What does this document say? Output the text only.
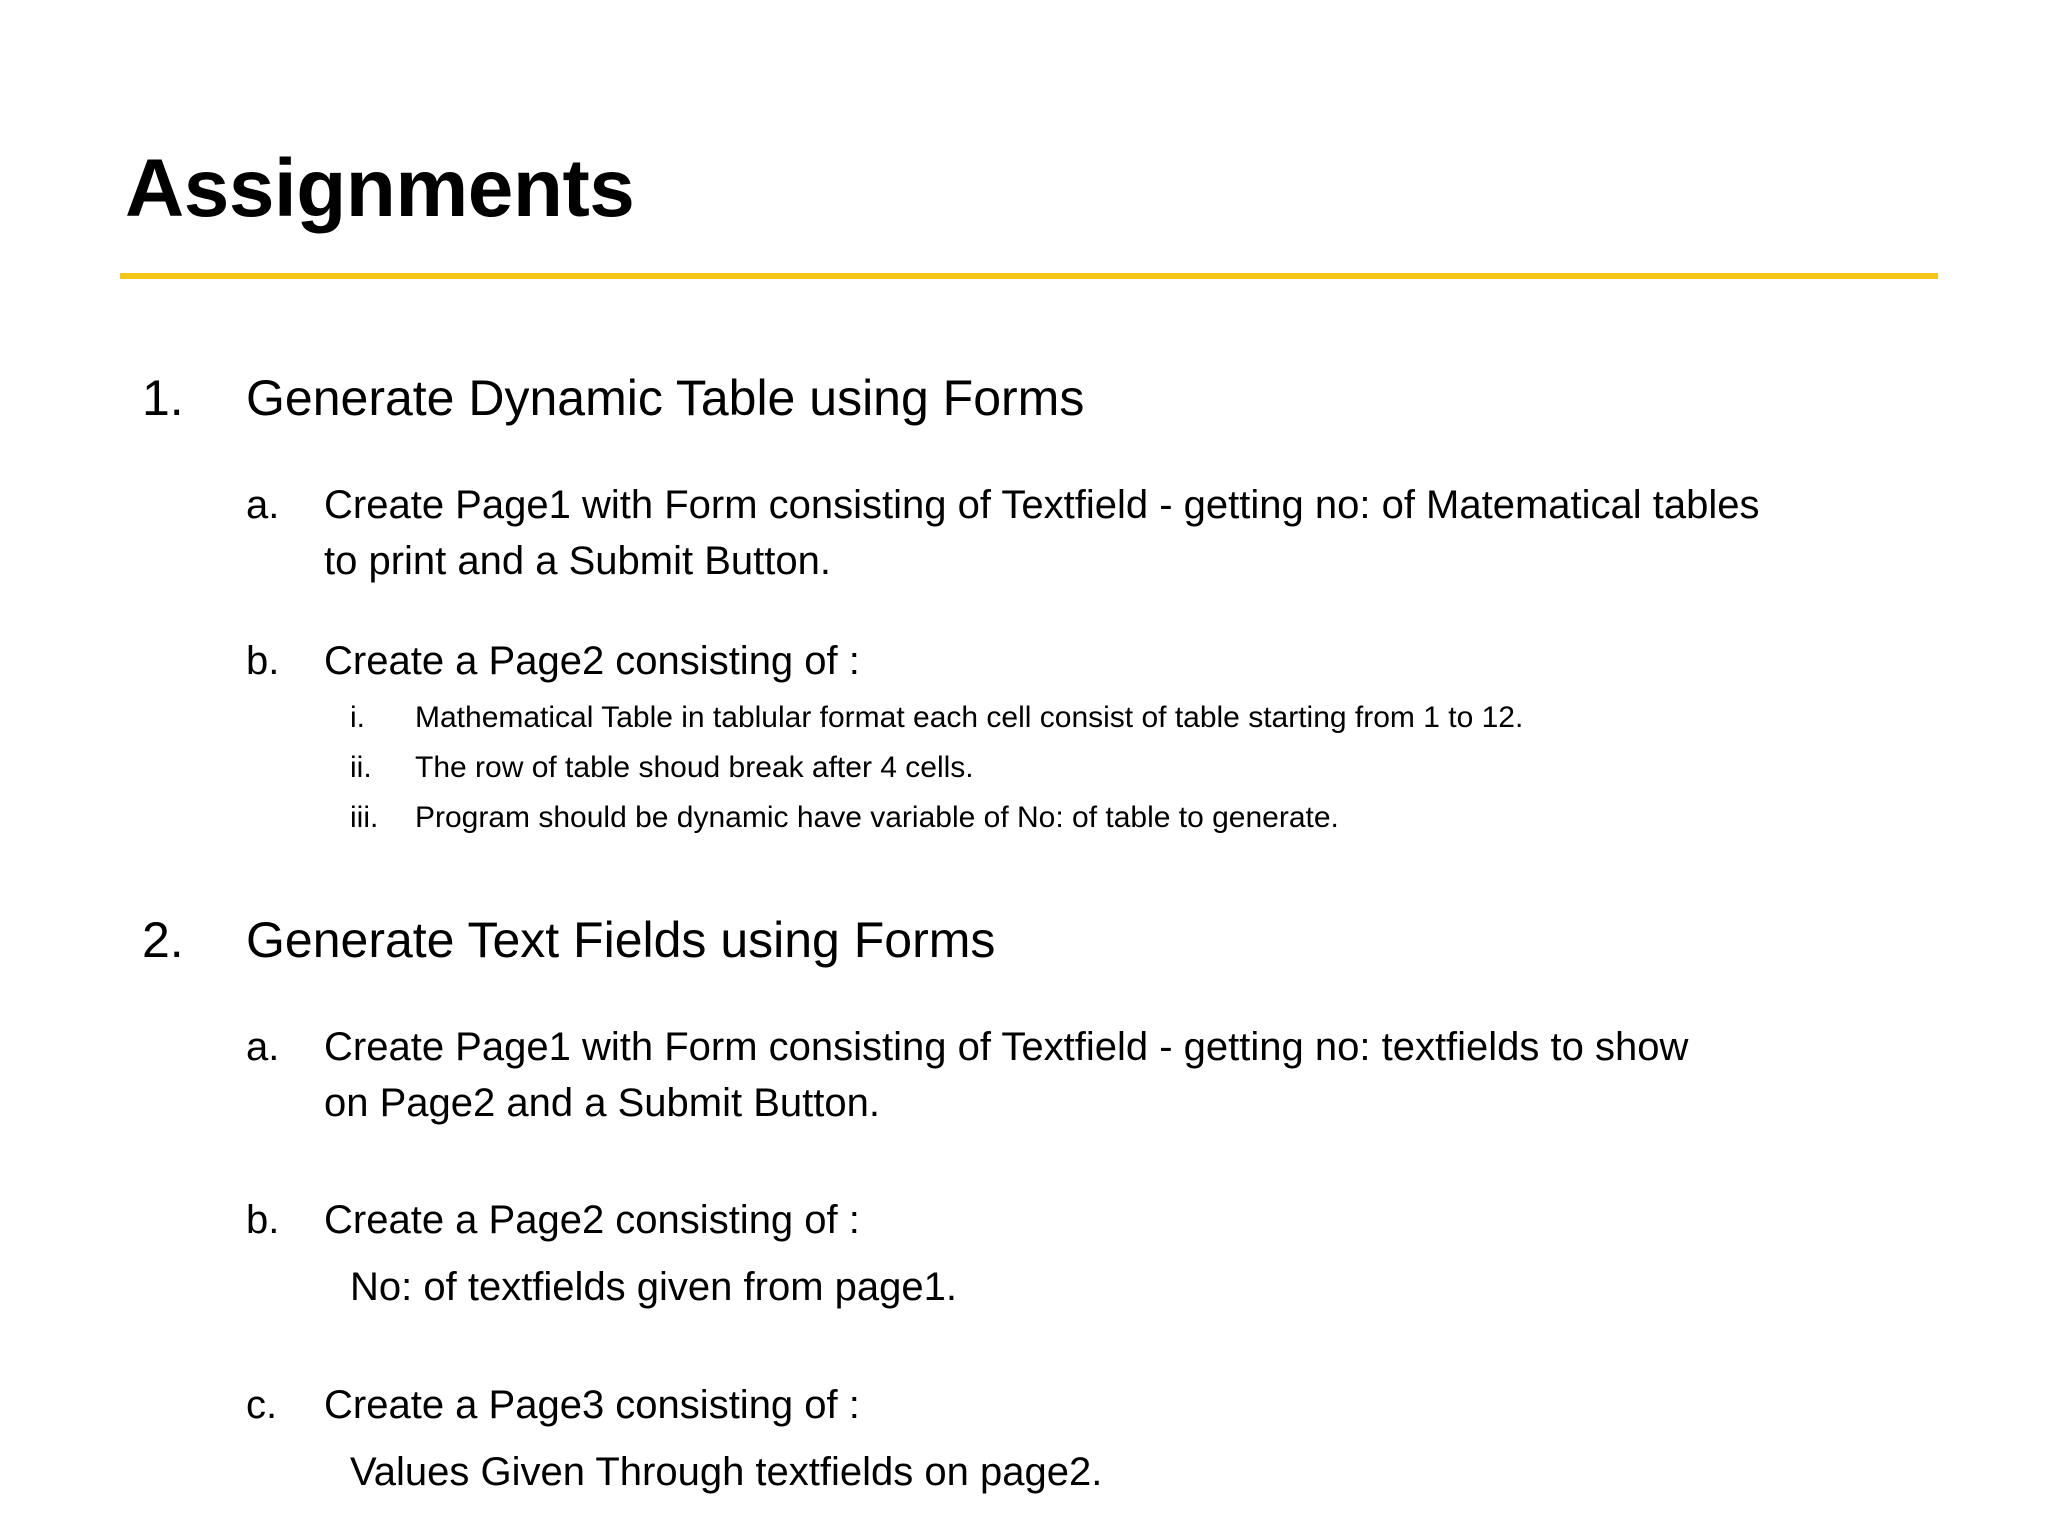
Assignments
1. Generate Dynamic Table using Forms
a. Create Page1 with Form consisting of Textfield - getting no: of Matematical tables
to print and a Submit Button.
b. Create a Page2 consisting of :
i. Mathematical Table in tablular format each cell consist of table starting from 1 to 12.
ii. The row of table shoud break after 4 cells.
iii. Program should be dynamic have variable of No: of table to generate.
2. Generate Text Fields using Forms
a. Create Page1 with Form consisting of Textfield - getting no: textfields to show
on Page2 and a Submit Button.
b. Create a Page2 consisting of :
No: of textfields given from page1.
c. Create a Page3 consisting of :
Values Given Through textfields on page2.
